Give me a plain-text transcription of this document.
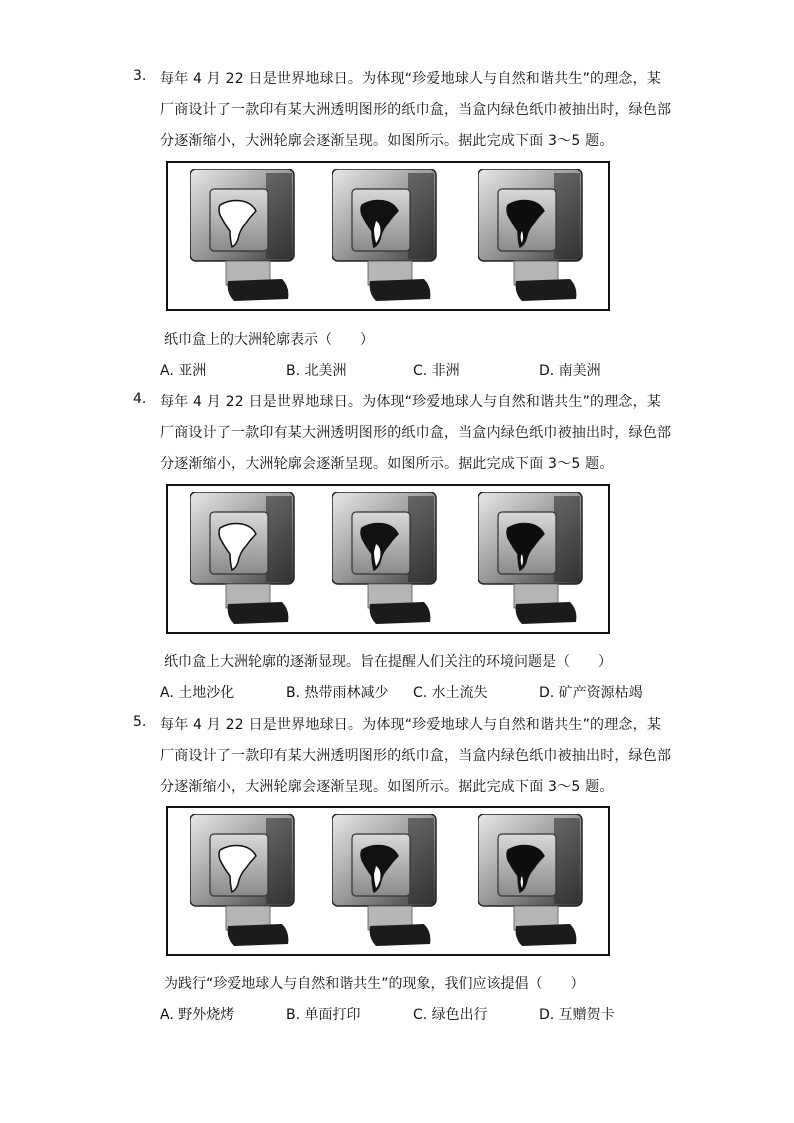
3. 每年 4 月 22 日是世界地球日。为体现“珍爱地球人与自然和谐共生”的理念，某
厂商设计了一款印有某大洲透明图形的纸巾盒，当盒内绿色纸巾被抽出时，绿色部
分逐渐缩小，大洲轮廓会逐渐呈现。如图所示。据此完成下面 3～5 题。
纸巾盒上的大洲轮廓表示（　　）
A. 亚洲	B. 北美洲	C. 非洲	D. 南美洲
4. 每年 4 月 22 日是世界地球日。为体现“珍爱地球人与自然和谐共生”的理念，某
厂商设计了一款印有某大洲透明图形的纸巾盒，当盒内绿色纸巾被抽出时，绿色部
分逐渐缩小，大洲轮廓会逐渐呈现。如图所示。据此完成下面 3～5 题。
纸巾盒上大洲轮廓的逐渐显现。旨在提醒人们关注的环境问题是（　　）
A. 土地沙化	B. 热带雨林减少 C. 水土流失	D. 矿产资源枯竭
5. 每年 4 月 22 日是世界地球日。为体现“珍爱地球人与自然和谐共生”的理念，某
厂商设计了一款印有某大洲透明图形的纸巾盒，当盒内绿色纸巾被抽出时，绿色部
分逐渐缩小，大洲轮廓会逐渐呈现。如图所示。据此完成下面 3～5 题。
为践行“珍爱地球人与自然和谐共生”的现象，我们应该提倡（　　）
A. 野外烧烤	B. 单面打印	C. 绿色出行	D. 互赠贺卡
